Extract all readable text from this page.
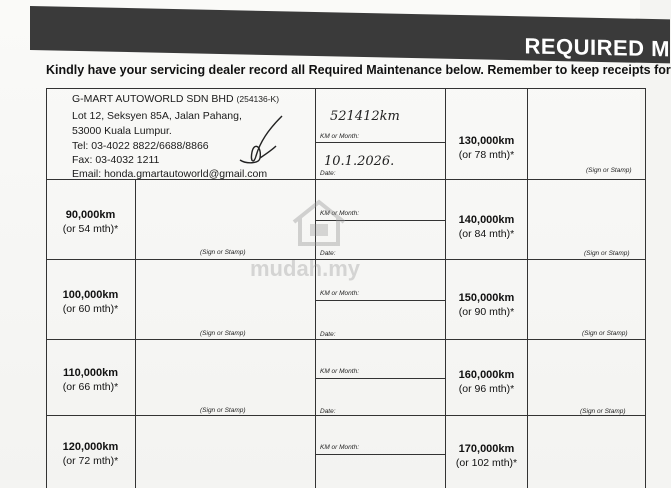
REQUIRED M
Kindly have your servicing dealer record all Required Maintenance below. Remember to keep receipts for
G-MART AUTOWORLD SDN BHD (254136-K)
Lot 12, Seksyen 85A, Jalan Pahang,
53000 Kuala Lumpur.
Tel: 03-4022 8822/6688/8866
Fax: 03-4032 1211
Email: honda.gmartautoworld@gmail.com
521412km
KM or Month:
10.1.2026.
Date:
130,000km
(or 78 mth)*
(Sign or Stamp)
90,000km
(or 54 mth)*
(Sign or Stamp)
KM or Month:
Date:
140,000km
(or 84 mth)*
(Sign or Stamp)
100,000km
(or 60 mth)*
(Sign or Stamp)
KM or Month:
Date:
150,000km
(or 90 mth)*
(Sign or Stamp)
110,000km
(or 66 mth)*
(Sign or Stamp)
KM or Month:
Date:
160,000km
(or 96 mth)*
(Sign or Stamp)
120,000km
(or 72 mth)*
KM or Month:	170,000km
(or 102 mth)*
mudah.my
